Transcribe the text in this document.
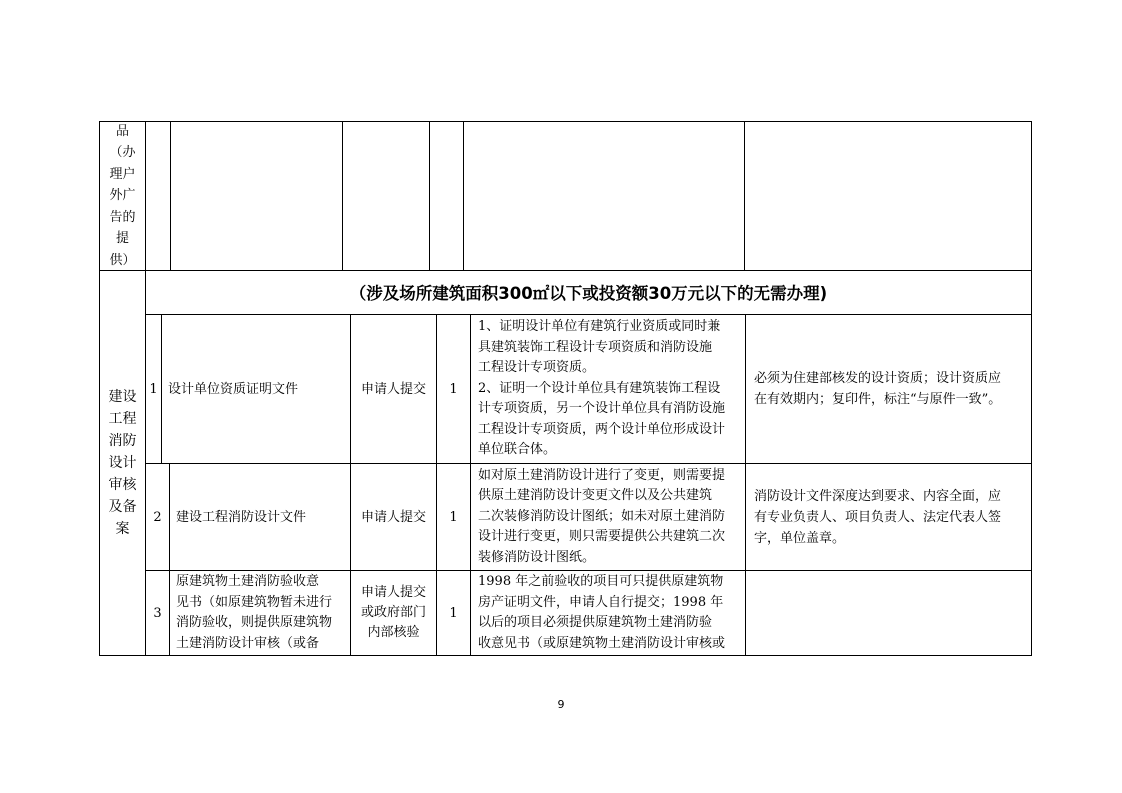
品
（办
理户
外广
告的
提
供）
（涉及场所建筑面积300㎡以下或投资额30万元以下的无需办理)
建设
工程
消防
设计
审核
及备
案
1 设计单位资质证明文件	申请人提交 1
1、证明设计单位有建筑行业资质或同时兼
具建筑装饰工程设计专项资质和消防设施
工程设计专项资质。
2、证明一个设计单位具有建筑装饰工程设
计专项资质，另一个设计单位具有消防设施
工程设计专项资质，两个设计单位形成设计
单位联合体。
必须为住建部核发的设计资质；设计资质应
在有效期内；复印件，标注“与原件一致”。
2 建设工程消防设计文件	申请人提交 1
如对原土建消防设计进行了变更，则需要提
供原土建消防设计变更文件以及公共建筑
二次装修消防设计图纸；如未对原土建消防
设计进行变更，则只需要提供公共建筑二次
装修消防设计图纸。
消防设计文件深度达到要求、内容全面，应
有专业负责人、项目负责人、法定代表人签
字，单位盖章。
3
原建筑物土建消防验收意
见书（如原建筑物暂未进行
消防验收，则提供原建筑物
土建消防设计审核（或备
申请人提交
或政府部门
内部核验
1
1998 年之前验收的项目可只提供原建筑物
房产证明文件，申请人自行提交；1998 年
以后的项目必须提供原建筑物土建消防验
收意见书（或原建筑物土建消防设计审核或
9
